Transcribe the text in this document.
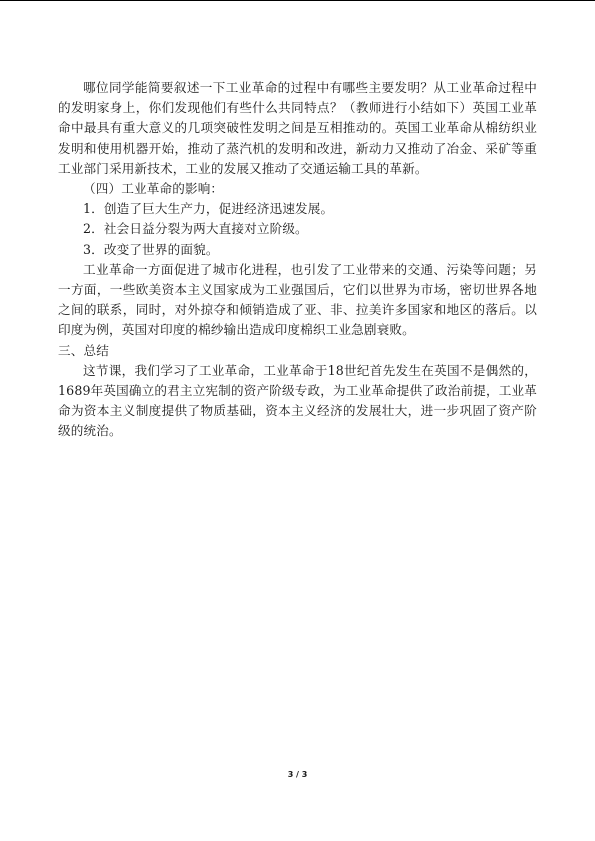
哪位同学能简要叙述一下工业革命的过程中有哪些主要发明？从工业革命过程中的发明家身上，你们发现他们有些什么共同特点？（教师进行小结如下）英国工业革命中最具有重大意义的几项突破性发明之间是互相推动的。英国工业革命从棉纺织业发明和使用机器开始，推动了蒸汽机的发明和改进，新动力又推动了冶金、采矿等重工业部门采用新技术，工业的发展又推动了交通运输工具的革新。

（四）工业革命的影响：

1．创造了巨大生产力，促进经济迅速发展。

2．社会日益分裂为两大直接对立阶级。

3．改变了世界的面貌。

工业革命一方面促进了城市化进程，也引发了工业带来的交通、污染等问题；另一方面，一些欧美资本主义国家成为工业强国后，它们以世界为市场，密切世界各地之间的联系，同时，对外掠夺和倾销造成了亚、非、拉美许多国家和地区的落后。以印度为例，英国对印度的棉纱输出造成印度棉织工业急剧衰败。

三、总结

这节课，我们学习了工业革命，工业革命于18世纪首先发生在英国不是偶然的，1689年英国确立的君主立宪制的资产阶级专政，为工业革命提供了政治前提，工业革命为资本主义制度提供了物质基础，资本主义经济的发展壮大，进一步巩固了资产阶级的统治。

3 / 3
